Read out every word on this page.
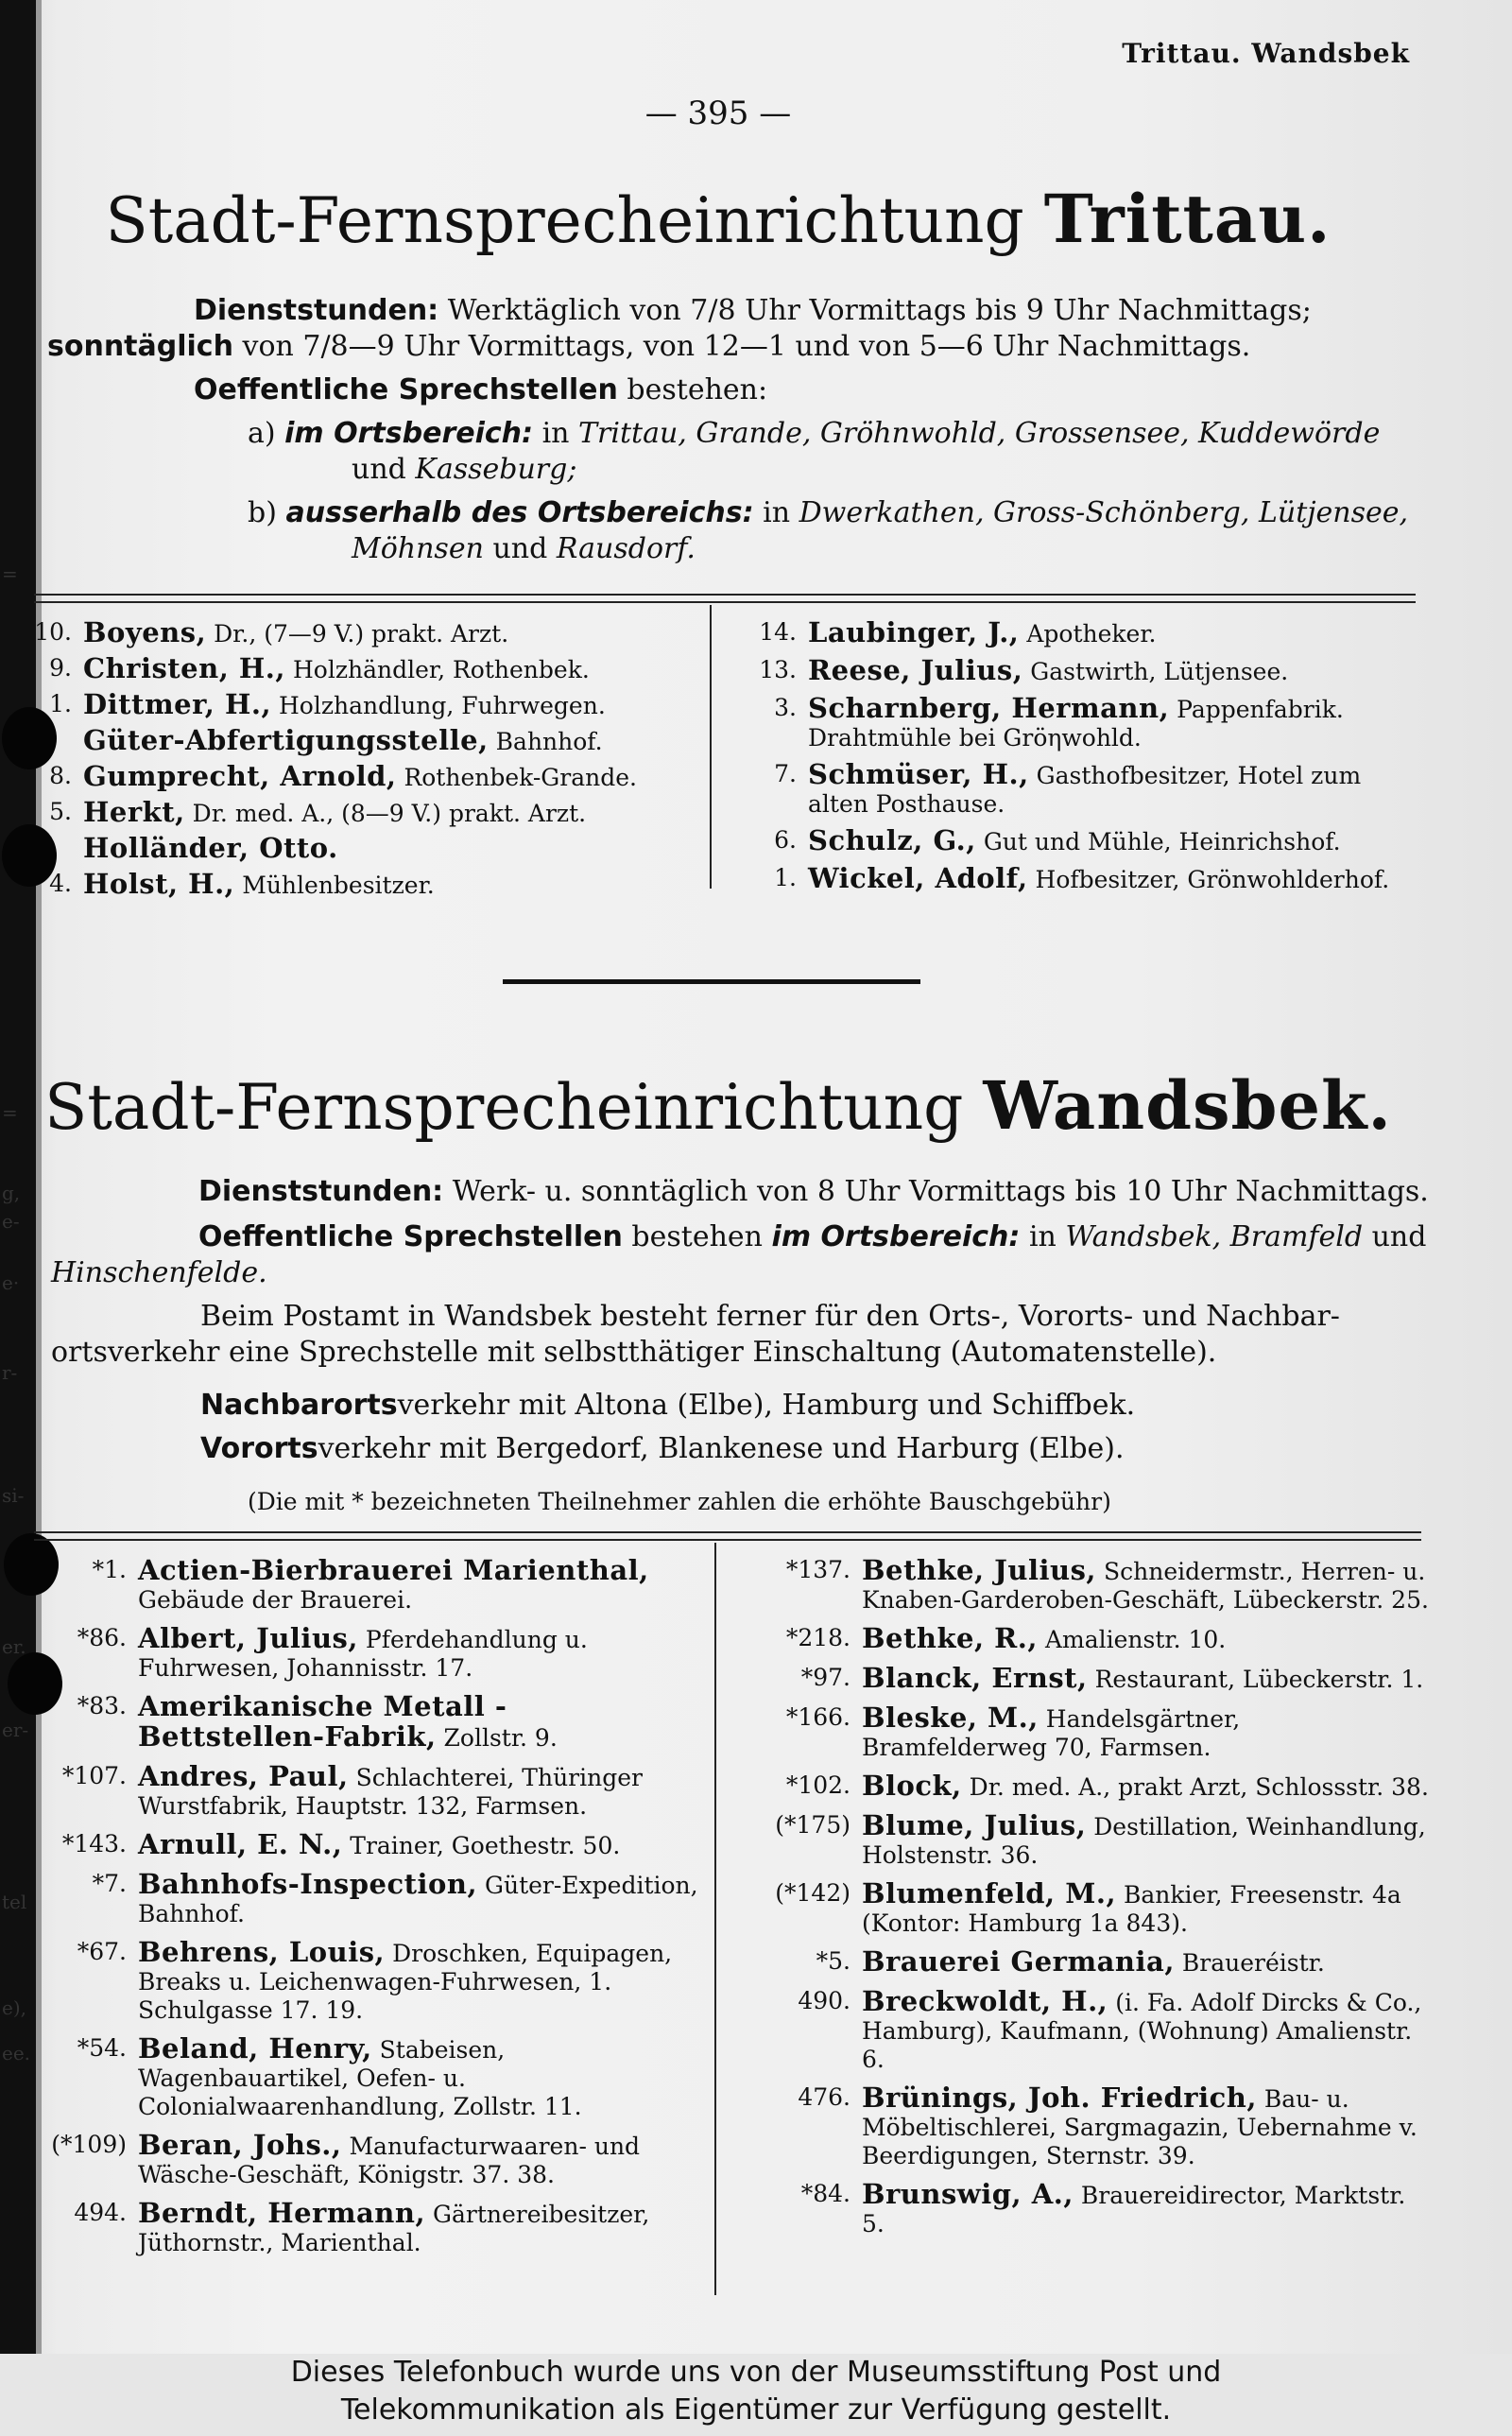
=
=
g,
e-
e·
r-
si-
er.
er-
tel
e),
ee.
Trittau. Wandsbek
— 395 —
Stadt-Fernsprecheinrichtung Trittau.
Dienststunden: Werktäglich von 7/8 Uhr Vormittags bis 9 Uhr Nachmittags;
sonntäglich von 7/8—9 Uhr Vormittags, von 12—1 und von 5—6 Uhr Nachmittags.
Oeffentliche Sprechstellen bestehen:
a) im Ortsbereich: in Trittau, Grande, Gröhnwohld, Grossensee, Kuddewörde
und Kasseburg;
b) ausserhalb des Ortsbereichs: in Dwerkathen, Gross-Schönberg, Lütjensee,
Möhnsen und Rausdorf.
10. Boyens, Dr., (7—9 V.) prakt. Arzt.
9. Christen, H., Holzhändler, Rothenbek.
1. Dittmer, H., Holzhandlung, Fuhrwegen.
Güter-Abfertigungsstelle, Bahnhof.
8. Gumprecht, Arnold, Rothenbek-Grande.
5. Herkt, Dr. med. A., (8—9 V.) prakt. Arzt.
Holländer, Otto.
4. Holst, H., Mühlenbesitzer.
14. Laubinger, J., Apotheker.
13. Reese, Julius, Gastwirth, Lütjensee.
3. Scharnberg, Hermann, Pappenfabrik. Drahtmühle bei Gröηwohld.
7. Schmüser, H., Gasthofbesitzer, Hotel zum alten Posthause.
6. Schulz, G., Gut und Mühle, Heinrichshof.
1. Wickel, Adolf, Hofbesitzer, Grönwohlderhof.
Stadt-Fernsprecheinrichtung Wandsbek.
Dienststunden: Werk- u. sonntäglich von 8 Uhr Vormittags bis 10 Uhr Nachmittags.
Oeffentliche Sprechstellen bestehen im Ortsbereich: in Wandsbek, Bramfeld und
Hinschenfelde.
Beim Postamt in Wandsbek besteht ferner für den Orts-, Vororts- und Nachbar-
ortsverkehr eine Sprechstelle mit selbstthätiger Einschaltung (Automatenstelle).
Nachbarortsverkehr mit Altona (Elbe), Hamburg und Schiffbek.
Vorortsverkehr mit Bergedorf, Blankenese und Harburg (Elbe).
(Die mit * bezeichneten Theilnehmer zahlen die erhöhte Bauschgebühr)
*1. Actien-Bierbrauerei Marienthal, Gebäude der Brauerei.
*86. Albert, Julius, Pferdehandlung u. Fuhrwesen, Johannisstr. 17.
*83. Amerikanische Metall - Bettstellen-Fabrik, Zollstr. 9.
*107. Andres, Paul, Schlachterei, Thüringer Wurstfabrik, Hauptstr. 132, Farmsen.
*143. Arnull, E. N., Trainer, Goethestr. 50.
*7. Bahnhofs-Inspection, Güter-Expedition, Bahnhof.
*67. Behrens, Louis, Droschken, Equipagen, Breaks u. Leichenwagen-Fuhrwesen, 1. Schulgasse 17. 19.
*54. Beland, Henry, Stabeisen, Wagenbauartikel, Oefen- u. Colonialwaarenhandlung, Zollstr. 11.
(*109) Beran, Johs., Manufacturwaaren- und Wäsche-Geschäft, Königstr. 37. 38.
494. Berndt, Hermann, Gärtnereibesitzer, Jüthornstr., Marienthal.
*137. Bethke, Julius, Schneidermstr., Herren- u. Knaben-Garderoben-Geschäft, Lübeckerstr. 25.
*218. Bethke, R., Amalienstr. 10.
*97. Blanck, Ernst, Restaurant, Lübeckerstr. 1.
*166. Bleske, M., Handelsgärtner, Bramfelderweg 70, Farmsen.
*102. Block, Dr. med. A., prakt Arzt, Schlossstr. 38.
(*175) Blume, Julius, Destillation, Weinhandlung, Holstenstr. 36.
(*142) Blumenfeld, M., Bankier, Freesenstr. 4a (Kontor: Hamburg 1a 843).
*5. Brauerei Germania, Braueréistr.
490. Breckwoldt, H., (i. Fa. Adolf Dircks & Co., Hamburg), Kaufmann, (Wohnung) Amalienstr. 6.
476. Brünings, Joh. Friedrich, Bau- u. Möbeltischlerei, Sargmagazin, Uebernahme v. Beerdigungen, Sternstr. 39.
*84. Brunswig, A., Brauereidirector, Marktstr. 5.
Dieses Telefonbuch wurde uns von der Museumsstiftung Post und
Telekommunikation als Eigentümer zur Verfügung gestellt.
